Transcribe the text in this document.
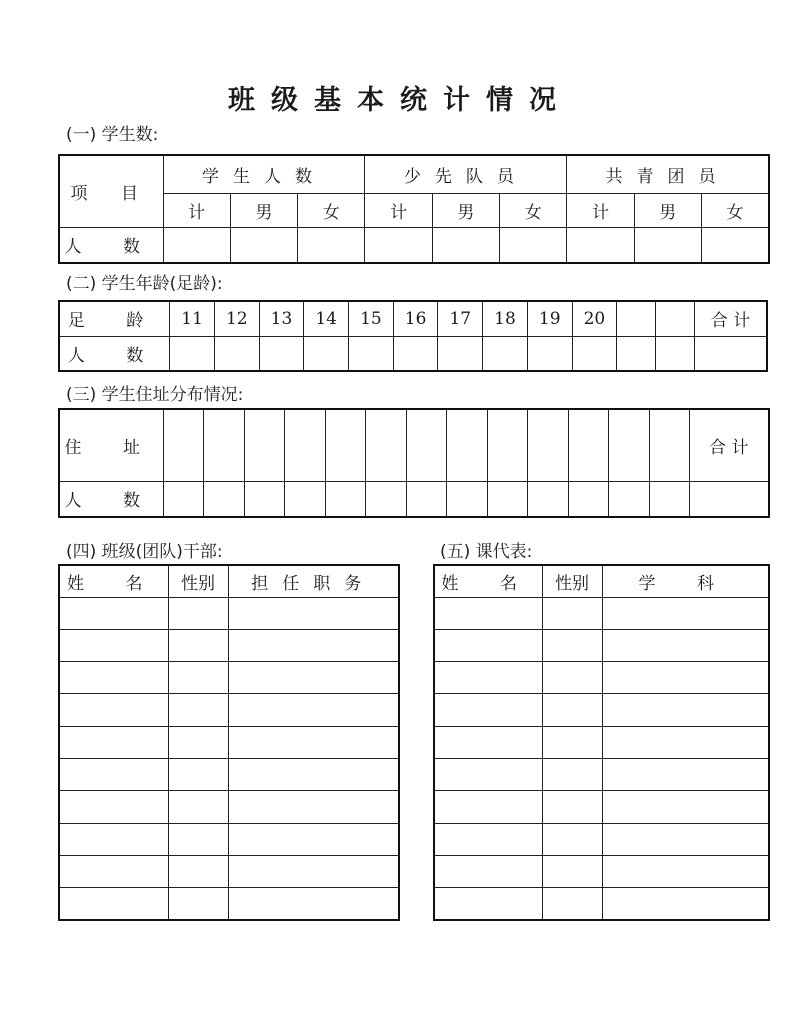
班级基本统计情况
(一) 学生数:
项 目	学生人数			少先队员			共青团员		
	计	男	女	计	男	女	计	男	女
人 数									
(二) 学生年龄(足龄):
足 龄	11	12	13	14	15	16	17	18	19	20			合 计
人 数													
(三) 学生住址分布情况:
住 址														合 计
人 数														
(四) 班级(团队)干部:
姓 名	性别	担任职务

(五) 课代表:
姓 名	性别	学 科
